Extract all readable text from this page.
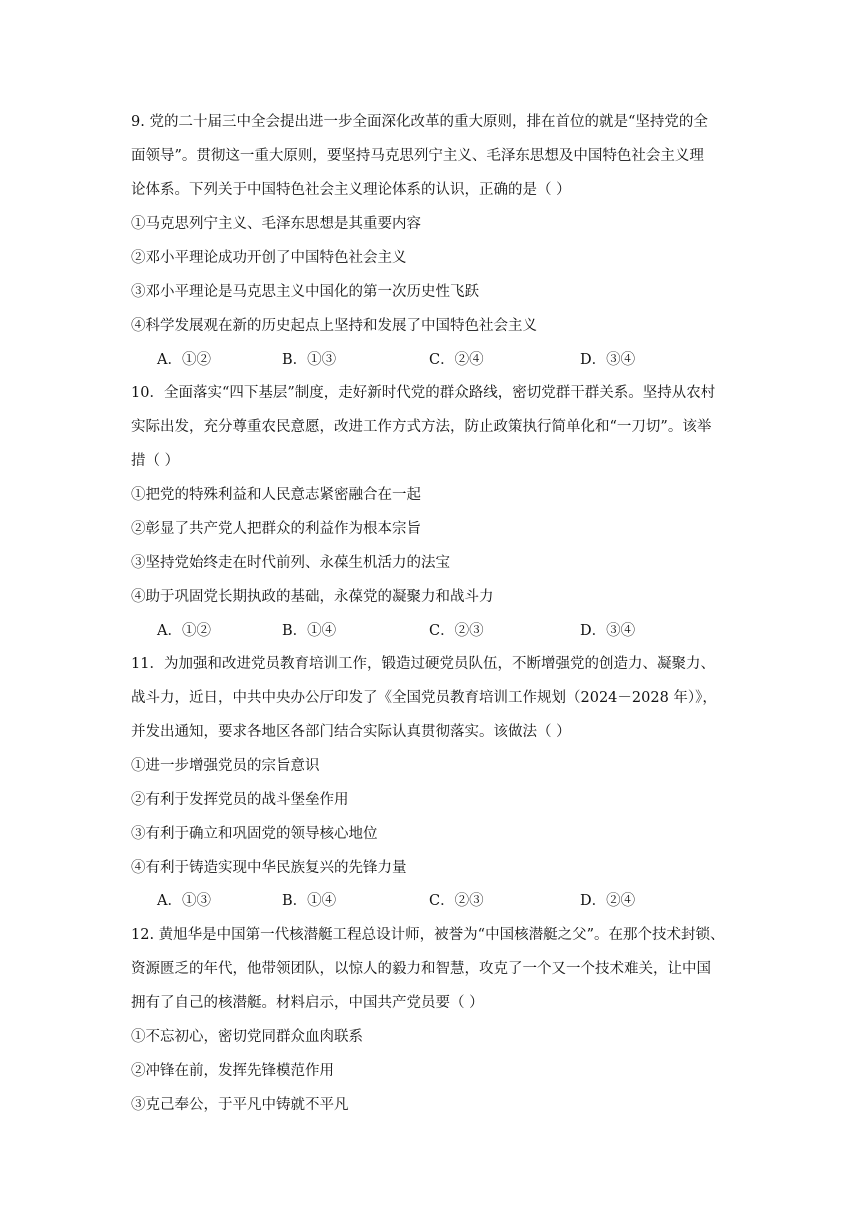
9. 党的二十届三中全会提出进一步全面深化改革的重大原则，排在首位的就是“坚持党的全
面领导”。贯彻这一重大原则，要坚持马克思列宁主义、毛泽东思想及中国特色社会主义理
论体系。下列关于中国特色社会主义理论体系的认识，正确的是（ ）
①马克思列宁主义、毛泽东思想是其重要内容
②邓小平理论成功开创了中国特色社会主义
③邓小平理论是马克思主义中国化的第一次历史性飞跃
④科学发展观在新的历史起点上坚持和发展了中国特色社会主义
A．①②	B．①③	C．②④	D．③④
10．全面落实“四下基层”制度，走好新时代党的群众路线，密切党群干群关系。坚持从农村
实际出发，充分尊重农民意愿，改进工作方式方法，防止政策执行简单化和“一刀切”。该举
措（ ）
①把党的特殊利益和人民意志紧密融合在一起
②彰显了共产党人把群众的利益作为根本宗旨
③坚持党始终走在时代前列、永葆生机活力的法宝
④助于巩固党长期执政的基础，永葆党的凝聚力和战斗力
A．①②	B．①④	C．②③	D．③④
11．为加强和改进党员教育培训工作，锻造过硬党员队伍，不断增强党的创造力、凝聚力、
战斗力，近日，中共中央办公厅印发了《全国党员教育培训工作规划（2024－2028 年）》，
并发出通知，要求各地区各部门结合实际认真贯彻落实。该做法（ ）
①进一步增强党员的宗旨意识
②有利于发挥党员的战斗堡垒作用
③有利于确立和巩固党的领导核心地位
④有利于铸造实现中华民族复兴的先锋力量
A．①③	B．①④	C．②③	D．②④
12. 黄旭华是中国第一代核潜艇工程总设计师，被誉为“中国核潜艇之父”。在那个技术封锁、
资源匮乏的年代，他带领团队，以惊人的毅力和智慧，攻克了一个又一个技术难关，让中国
拥有了自己的核潜艇。材料启示，中国共产党员要（ ）
①不忘初心，密切党同群众血肉联系
②冲锋在前，发挥先锋模范作用
③克己奉公，于平凡中铸就不平凡
